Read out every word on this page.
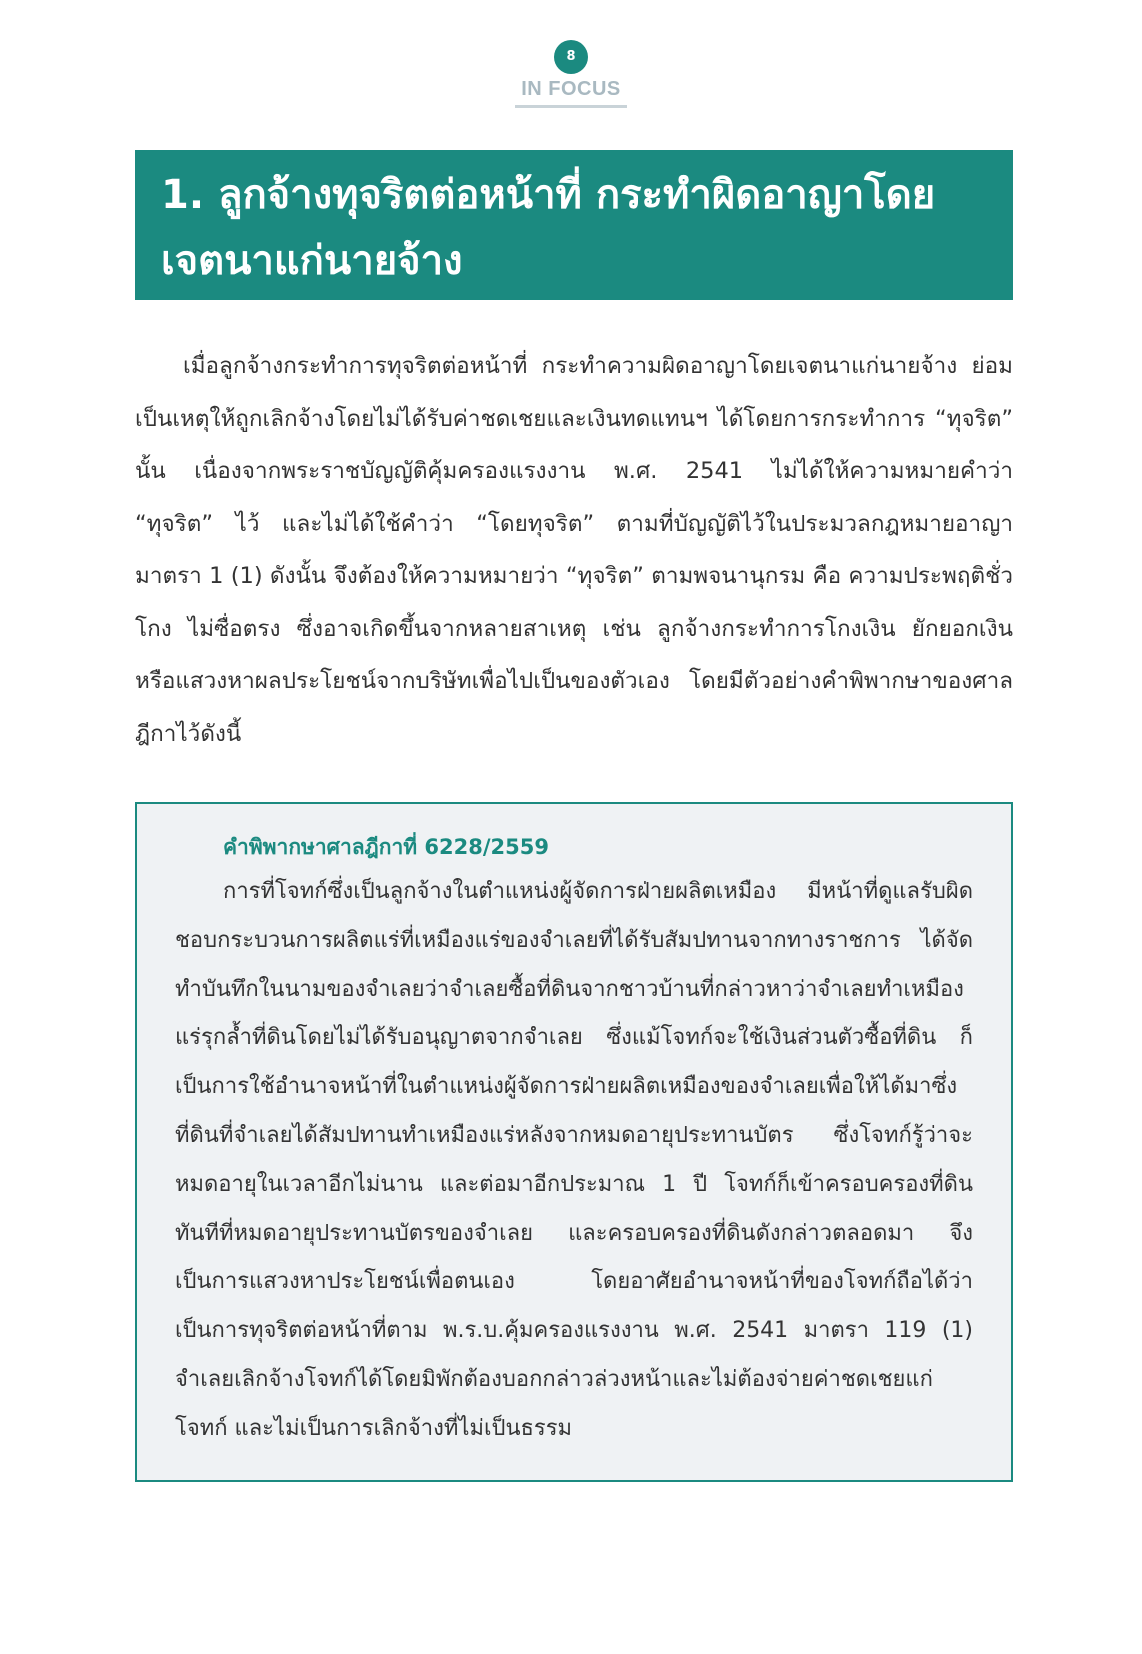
8
IN FOCUS
1. ลูกจ้างทุจริตต่อหน้าที่ กระทำผิดอาญาโดยเจตนาแก่นายจ้าง

เมื่อลูกจ้างกระทำการทุจริตต่อหน้าที่ กระทำความผิดอาญาโดยเจตนาแก่นายจ้าง ย่อมเป็นเหตุให้ถูกเลิกจ้างโดยไม่ได้รับค่าชดเชยและเงินทดแทนฯ ได้โดยการกระทำการ “ทุจริต” นั้น เนื่องจากพระราชบัญญัติคุ้มครองแรงงาน พ.ศ. 2541 ไม่ได้ให้ความหมายคำว่า “ทุจริต” ไว้ และไม่ได้ใช้คำว่า “โดยทุจริต” ตามที่บัญญัติไว้ในประมวลกฎหมายอาญา มาตรา 1 (1) ดังนั้น จึงต้องให้ความหมายว่า “ทุจริต” ตามพจนานุกรม คือ ความประพฤติชั่วโกง ไม่ซื่อตรง ซึ่งอาจเกิดขึ้นจากหลายสาเหตุ เช่น ลูกจ้างกระทำการโกงเงิน ยักยอกเงิน หรือแสวงหาผลประโยชน์จากบริษัทเพื่อไปเป็นของตัวเอง โดยมีตัวอย่างคำพิพากษาของศาลฎีกาไว้ดังนี้

คำพิพากษาศาลฎีกาที่ 6228/2559

การที่โจทก์ซึ่งเป็นลูกจ้างในตำแหน่งผู้จัดการฝ่ายผลิตเหมือง มีหน้าที่ดูแลรับผิดชอบกระบวนการผลิตแร่ที่เหมืองแร่ของจำเลยที่ได้รับสัมปทานจากทางราชการ ได้จัดทำบันทึกในนามของจำเลยว่าจำเลยซื้อที่ดินจากชาวบ้านที่กล่าวหาว่าจำเลยทำเหมืองแร่รุกล้ำที่ดินโดยไม่ได้รับอนุญาตจากจำเลย ซึ่งแม้โจทก์จะใช้เงินส่วนตัวซื้อที่ดิน ก็เป็นการใช้อำนาจหน้าที่ในตำแหน่งผู้จัดการฝ่ายผลิตเหมืองของจำเลยเพื่อให้ได้มาซึ่งที่ดินที่จำเลยได้สัมปทานทำเหมืองแร่หลังจากหมดอายุประทานบัตร ซึ่งโจทก์รู้ว่าจะหมดอายุในเวลาอีกไม่นาน และต่อมาอีกประมาณ 1 ปี โจทก์ก็เข้าครอบครองที่ดินทันทีที่หมดอายุประทานบัตรของจำเลย และครอบครองที่ดินดังกล่าวตลอดมา จึงเป็นการแสวงหาประโยชน์เพื่อตนเอง โดยอาศัยอำนาจหน้าที่ของโจทก์ถือได้ว่าเป็นการทุจริตต่อหน้าที่ตาม พ.ร.บ.คุ้มครองแรงงาน พ.ศ. 2541 มาตรา 119 (1) จำเลยเลิกจ้างโจทก์ได้โดยมิพักต้องบอกกล่าวล่วงหน้าและไม่ต้องจ่ายค่าชดเชยแก่โจทก์ และไม่เป็นการเลิกจ้างที่ไม่เป็นธรรม
